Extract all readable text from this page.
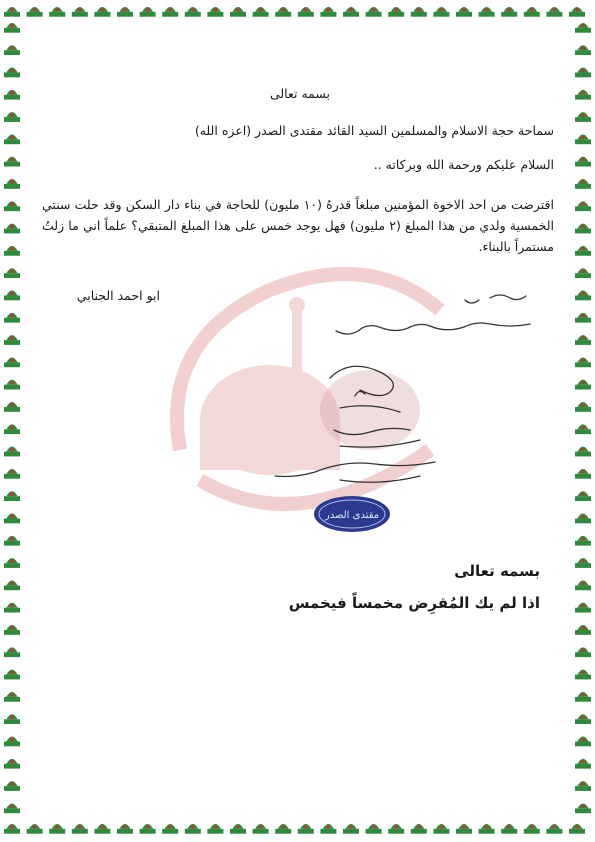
بسمه تعالى
سماحة حجة الاسلام والمسلمين السيد القائد مقتدى الصدر (اعزه الله)
السلام عليكم ورحمة الله وبركاته ..
اقترضت من احد الاخوة المؤمنين مبلغاً قدرهُ (١٠ مليون) للحاجة في بناء دار السكن وقد حلت سنتي الخمسية ولدي من هذا المبلغ (٢ مليون) فهل يوجد خمس على هذا المبلغ المتبقي؟ علماً اني ما زلتُ مستمراً بالبناء.
ابو احمد الجنابي
مقتدى الصدر
بسمه تعالى
اذا لم يك المُقرِض مخمساً فيخمس
